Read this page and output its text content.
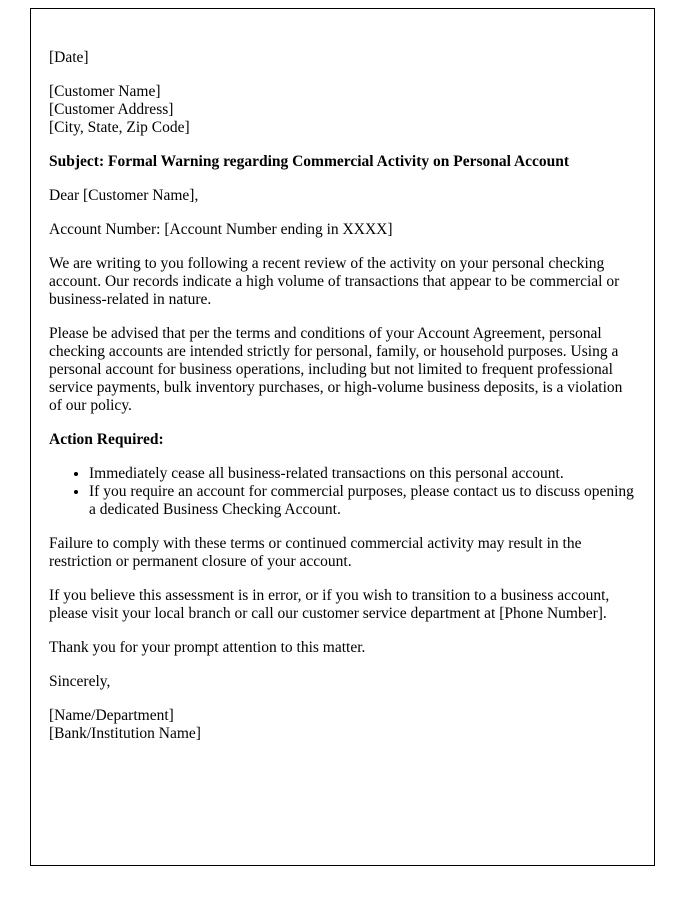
[Date]

[Customer Name]

[Customer Address]

[City, State, Zip Code]

Subject: Formal Warning regarding Commercial Activity on Personal Account

Dear [Customer Name],

Account Number: [Account Number ending in XXXX]

We are writing to you following a recent review of the activity on your personal checking account. Our records indicate a high volume of transactions that appear to be commercial or business-related in nature.

Please be advised that per the terms and conditions of your Account Agreement, personal checking accounts are intended strictly for personal, family, or household purposes. Using a personal account for business operations, including but not limited to frequent professional service payments, bulk inventory purchases, or high-volume business deposits, is a violation of our policy.

Action Required:

• Immediately cease all business-related transactions on this personal account.
• If you require an account for commercial purposes, please contact us to discuss opening a dedicated Business Checking Account.

Failure to comply with these terms or continued commercial activity may result in the restriction or permanent closure of your account.

If you believe this assessment is in error, or if you wish to transition to a business account, please visit your local branch or call our customer service department at [Phone Number].

Thank you for your prompt attention to this matter.

Sincerely,

[Name/Department]

[Bank/Institution Name]
